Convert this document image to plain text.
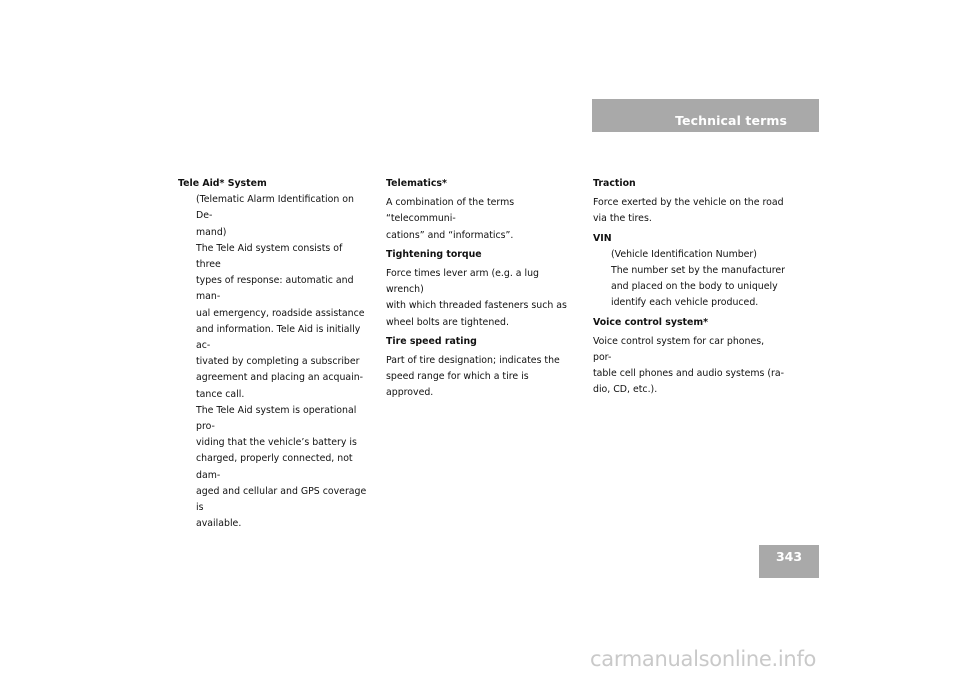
Technical terms

Tele Aid* System

(Telematic Alarm Identification on De-

mand)

The Tele Aid system consists of three

types of response: automatic and man-

ual emergency, roadside assistance

and information. Tele Aid is initially ac-

tivated by completing a subscriber

agreement and placing an acquain-

tance call.

The Tele Aid system is operational pro-

viding that the vehicle’s battery is

charged, properly connected, not dam-

aged and cellular and GPS coverage is

available.

Telematics*

A combination of the terms “telecommuni-

cations” and “informatics”.

Tightening torque

Force times lever arm (e.g. a lug wrench)

with which threaded fasteners such as

wheel bolts are tightened.

Tire speed rating

Part of tire designation; indicates the

speed range for which a tire is approved.

Traction

Force exerted by the vehicle on the road

via the tires.

VIN

(Vehicle Identification Number)

The number set by the manufacturer

and placed on the body to uniquely

identify each vehicle produced.

Voice control system*

Voice control system for car phones, por-

table cell phones and audio systems (ra-

dio, CD, etc.).

343
carmanualsonline.info
